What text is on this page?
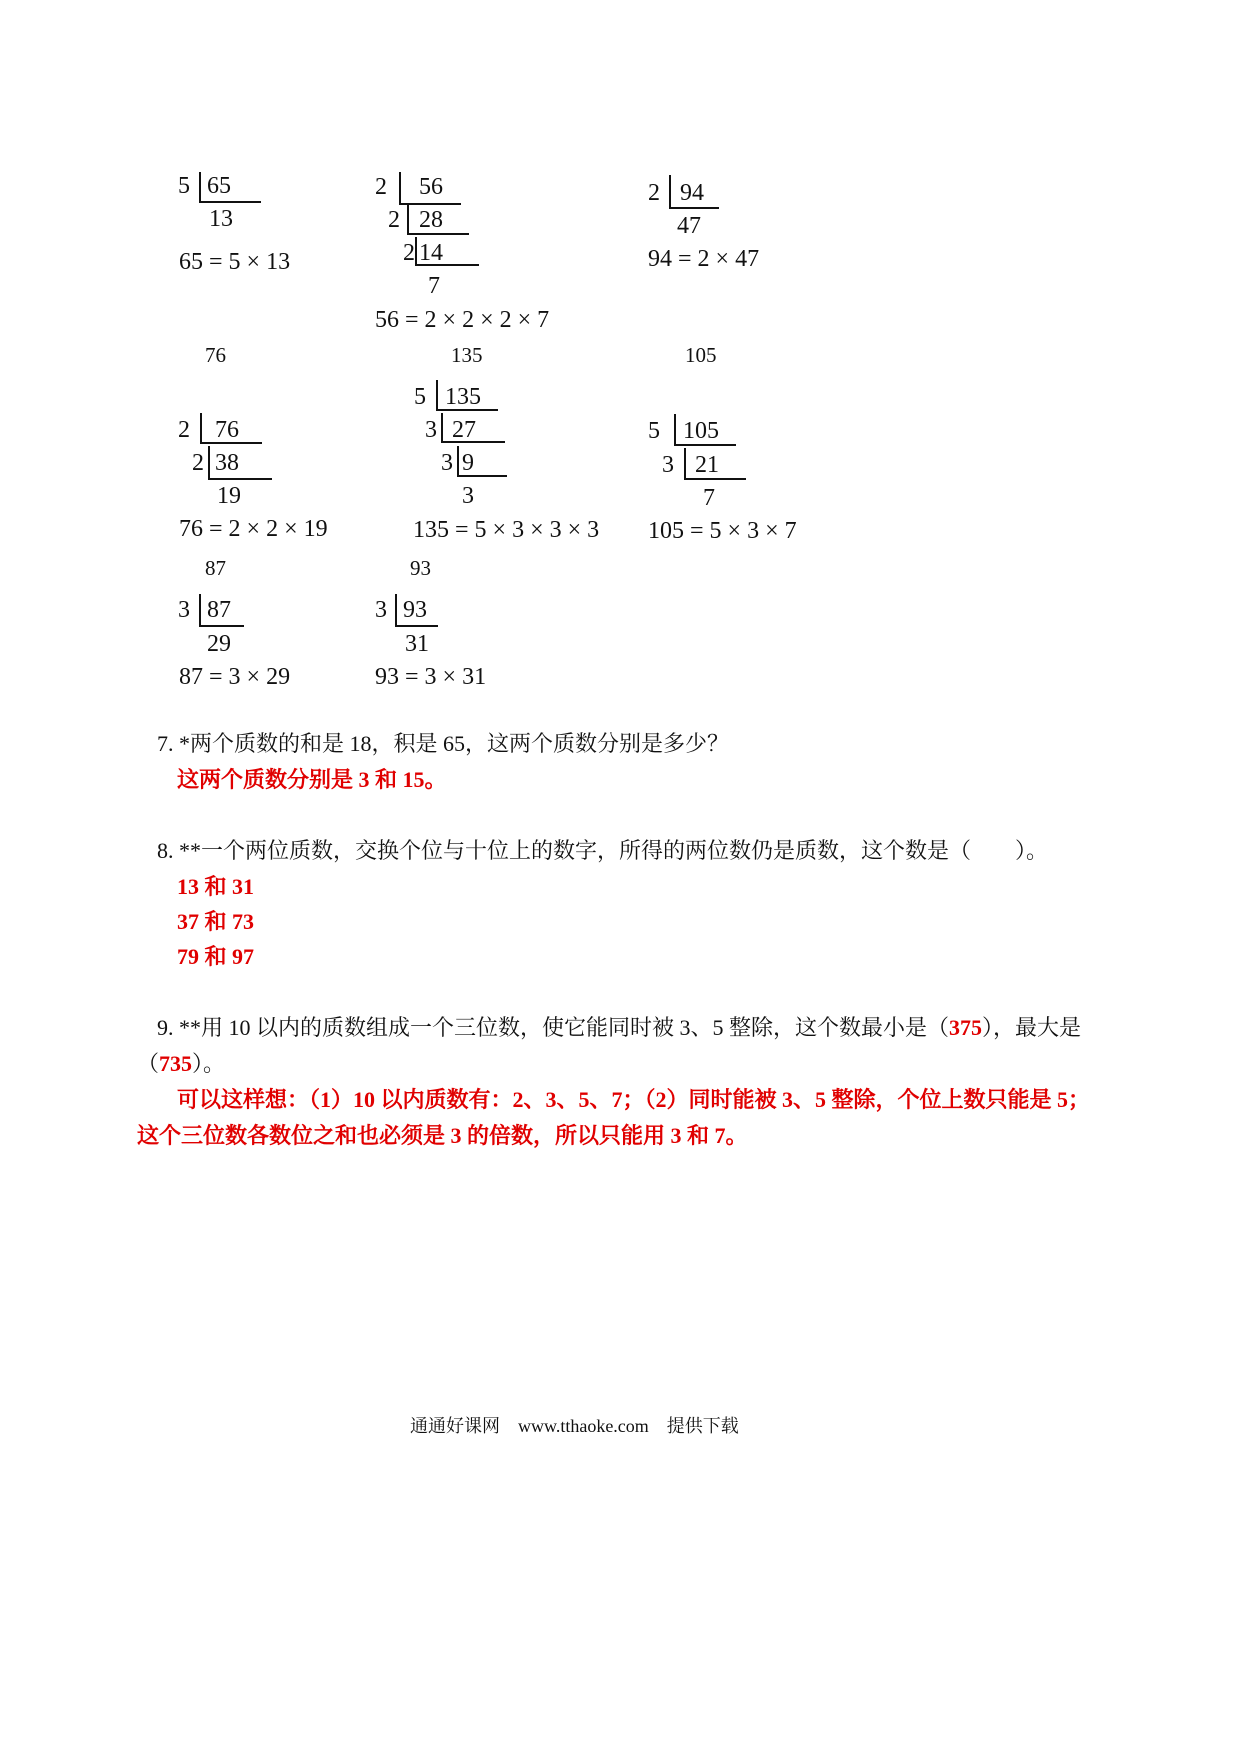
5 65
13
65 = 5 × 13
2 56
2 28
2 14
7
56 = 2 × 2 × 2 × 7
2 94
47
94 = 2 × 47
76	135	105
2 76
2 38
19
76 = 2 × 2 × 19
5 135
3 27
3 9
3
135 = 5 × 3 × 3 × 3
5 105
3 21
7
105 = 5 × 3 × 7
87	93
3 87
29
87 = 3 × 29
3 93
31
93 = 3 × 31
7. *两个质数的和是 18，积是 65，这两个质数分别是多少？
这两个质数分别是 3 和 15。
8. **一个两位质数，交换个位与十位上的数字，所得的两位数仍是质数，这个数是（　　）。
13 和 31
37 和 73
79 和 97
9. **用 10 以内的质数组成一个三位数，使它能同时被 3、5 整除，这个数最小是（375），最大是
（735）。
可以这样想：（1）10 以内质数有：2、3、5、7；（2）同时能被 3、5 整除，个位上数只能是 5；
这个三位数各数位之和也必须是 3 的倍数，所以只能用 3 和 7。
通通好课网　www.tthaoke.com　提供下载
